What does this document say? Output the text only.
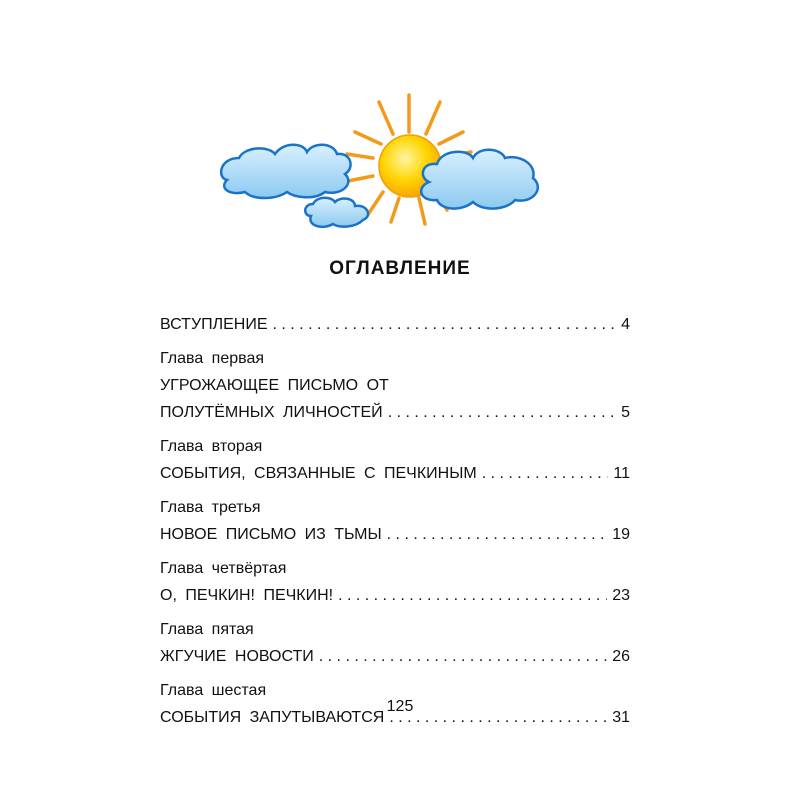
ОГЛАВЛЕНИЕ
ВСТУПЛЕНИЕ . . .	4
Глава первая
УГРОЖАЮЩЕЕ ПИСЬМО ОТ
ПОЛУТЁМНЫХ ЛИЧНОСТЕЙ . . .	5
Глава вторая
СОБЫТИЯ, СВЯЗАННЫЕ С ПЕЧКИНЫМ . . .	11
Глава третья
НОВОЕ ПИСЬМО ИЗ ТЬМЫ . . .	19
Глава четвёртая
О, ПЕЧКИН! ПЕЧКИН! . . .	23
Глава пятая
ЖГУЧИЕ НОВОСТИ . . .	26
Глава шестая
СОБЫТИЯ ЗАПУТЫВАЮТСЯ . . .	31
125
